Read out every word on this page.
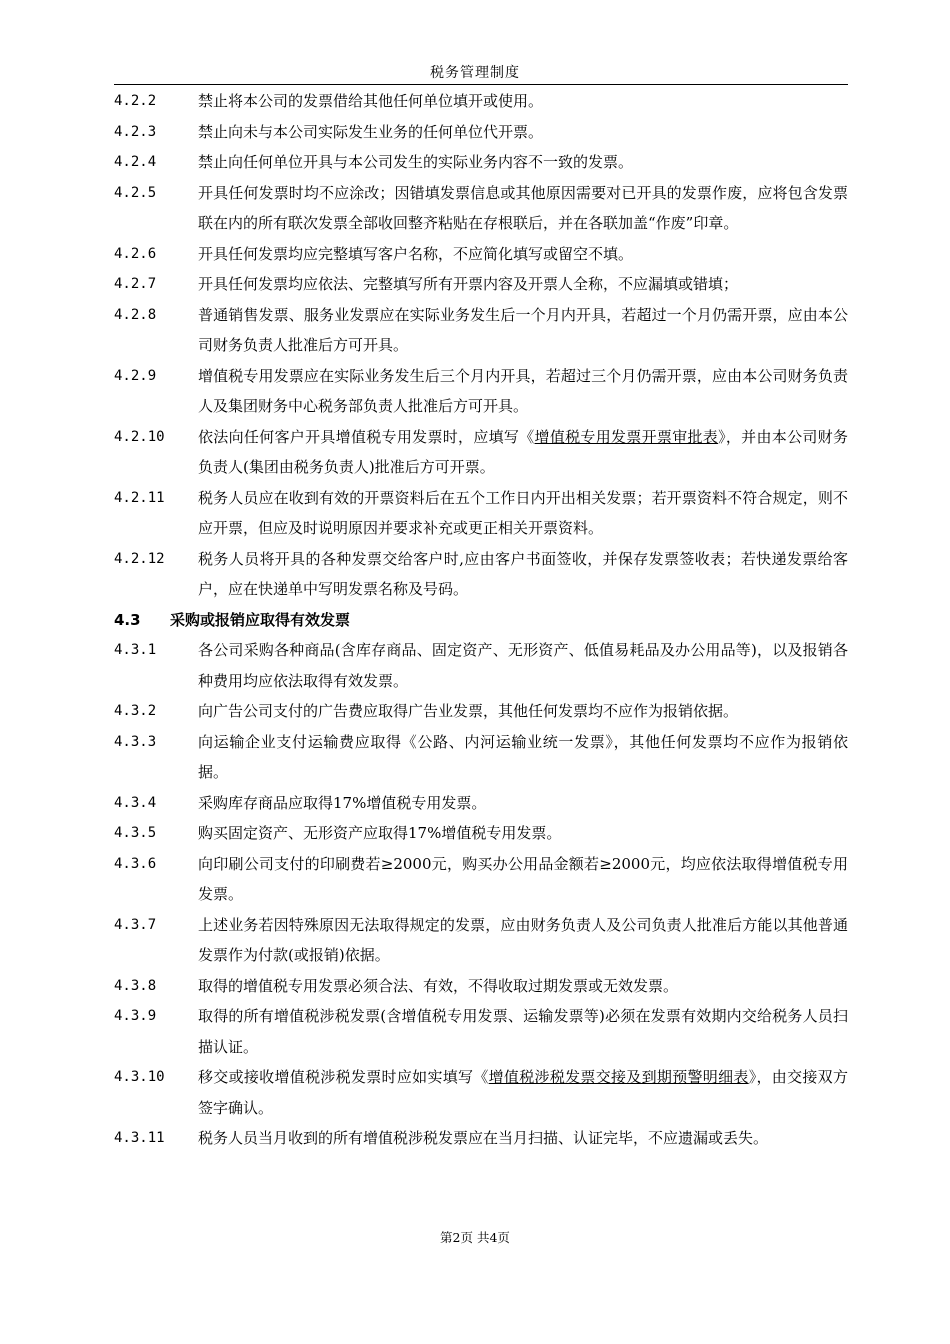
税务管理制度
4.2.2	禁止将本公司的发票借给其他任何单位填开或使用。
4.2.3	禁止向未与本公司实际发生业务的任何单位代开票。
4.2.4	禁止向任何单位开具与本公司发生的实际业务内容不一致的发票。
4.2.5	开具任何发票时均不应涂改；因错填发票信息或其他原因需要对已开具的发票作废，应将包含发票联在内的所有联次发票全部收回整齐粘贴在存根联后，并在各联加盖“作废”印章。
4.2.6	开具任何发票均应完整填写客户名称，不应简化填写或留空不填。
4.2.7	开具任何发票均应依法、完整填写所有开票内容及开票人全称，不应漏填或错填；
4.2.8	普通销售发票、服务业发票应在实际业务发生后一个月内开具，若超过一个月仍需开票，应由本公司财务负责人批准后方可开具。
4.2.9	增值税专用发票应在实际业务发生后三个月内开具，若超过三个月仍需开票，应由本公司财务负责人及集团财务中心税务部负责人批准后方可开具。
4.2.10	依法向任何客户开具增值税专用发票时，应填写《增值税专用发票开票审批表》，并由本公司财务负责人(集团由税务负责人)批准后方可开票。
4.2.11	税务人员应在收到有效的开票资料后在五个工作日内开出相关发票；若开票资料不符合规定，则不应开票，但应及时说明原因并要求补充或更正相关开票资料。
4.2.12	税务人员将开具的各种发票交给客户时,应由客户书面签收，并保存发票签收表；若快递发票给客户，应在快递单中写明发票名称及号码。
4.3	采购或报销应取得有效发票
4.3.1	各公司采购各种商品(含库存商品、固定资产、无形资产、低值易耗品及办公用品等)，以及报销各种费用均应依法取得有效发票。
4.3.2	向广告公司支付的广告费应取得广告业发票，其他任何发票均不应作为报销依据。
4.3.3	向运输企业支付运输费应取得《公路、内河运输业统一发票》，其他任何发票均不应作为报销依据。
4.3.4	采购库存商品应取得17%增值税专用发票。
4.3.5	购买固定资产、无形资产应取得17%增值税专用发票。
4.3.6	向印刷公司支付的印刷费若≥2000元，购买办公用品金额若≥2000元，均应依法取得增值税专用发票。
4.3.7	上述业务若因特殊原因无法取得规定的发票，应由财务负责人及公司负责人批准后方能以其他普通发票作为付款(或报销)依据。
4.3.8	取得的增值税专用发票必须合法、有效，不得收取过期发票或无效发票。
4.3.9	取得的所有增值税涉税发票(含增值税专用发票、运输发票等)必须在发票有效期内交给税务人员扫描认证。
4.3.10	移交或接收增值税涉税发票时应如实填写《增值税涉税发票交接及到期预警明细表》，由交接双方签字确认。
4.3.11	税务人员当月收到的所有增值税涉税发票应在当月扫描、认证完毕，不应遗漏或丢失。
第2页 共4页
